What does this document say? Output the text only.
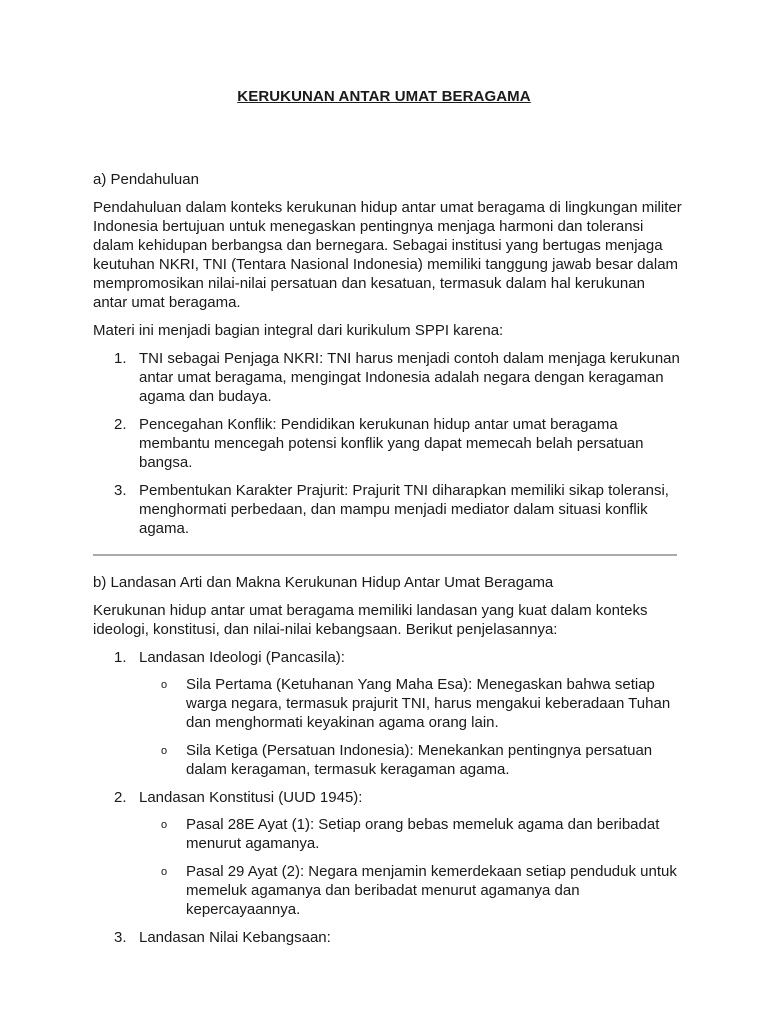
KERUKUNAN ANTAR UMAT BERAGAMA
a) Pendahuluan
Pendahuluan dalam konteks kerukunan hidup antar umat beragama di lingkungan militer Indonesia bertujuan untuk menegaskan pentingnya menjaga harmoni dan toleransi dalam kehidupan berbangsa dan bernegara. Sebagai institusi yang bertugas menjaga keutuhan NKRI, TNI (Tentara Nasional Indonesia) memiliki tanggung jawab besar dalam mempromosikan nilai-nilai persatuan dan kesatuan, termasuk dalam hal kerukunan antar umat beragama.
Materi ini menjadi bagian integral dari kurikulum SPPI karena:
1. TNI sebagai Penjaga NKRI: TNI harus menjadi contoh dalam menjaga kerukunan antar umat beragama, mengingat Indonesia adalah negara dengan keragaman agama dan budaya.
2. Pencegahan Konflik: Pendidikan kerukunan hidup antar umat beragama membantu mencegah potensi konflik yang dapat memecah belah persatuan bangsa.
3. Pembentukan Karakter Prajurit: Prajurit TNI diharapkan memiliki sikap toleransi, menghormati perbedaan, dan mampu menjadi mediator dalam situasi konflik agama.
b) Landasan Arti dan Makna Kerukunan Hidup Antar Umat Beragama
Kerukunan hidup antar umat beragama memiliki landasan yang kuat dalam konteks ideologi, konstitusi, dan nilai-nilai kebangsaan. Berikut penjelasannya:
1. Landasan Ideologi (Pancasila):
o Sila Pertama (Ketuhanan Yang Maha Esa): Menegaskan bahwa setiap warga negara, termasuk prajurit TNI, harus mengakui keberadaan Tuhan dan menghormati keyakinan agama orang lain.
o Sila Ketiga (Persatuan Indonesia): Menekankan pentingnya persatuan dalam keragaman, termasuk keragaman agama.
2. Landasan Konstitusi (UUD 1945):
o Pasal 28E Ayat (1): Setiap orang bebas memeluk agama dan beribadat menurut agamanya.
o Pasal 29 Ayat (2): Negara menjamin kemerdekaan setiap penduduk untuk memeluk agamanya dan beribadat menurut agamanya dan kepercayaannya.
3. Landasan Nilai Kebangsaan:
